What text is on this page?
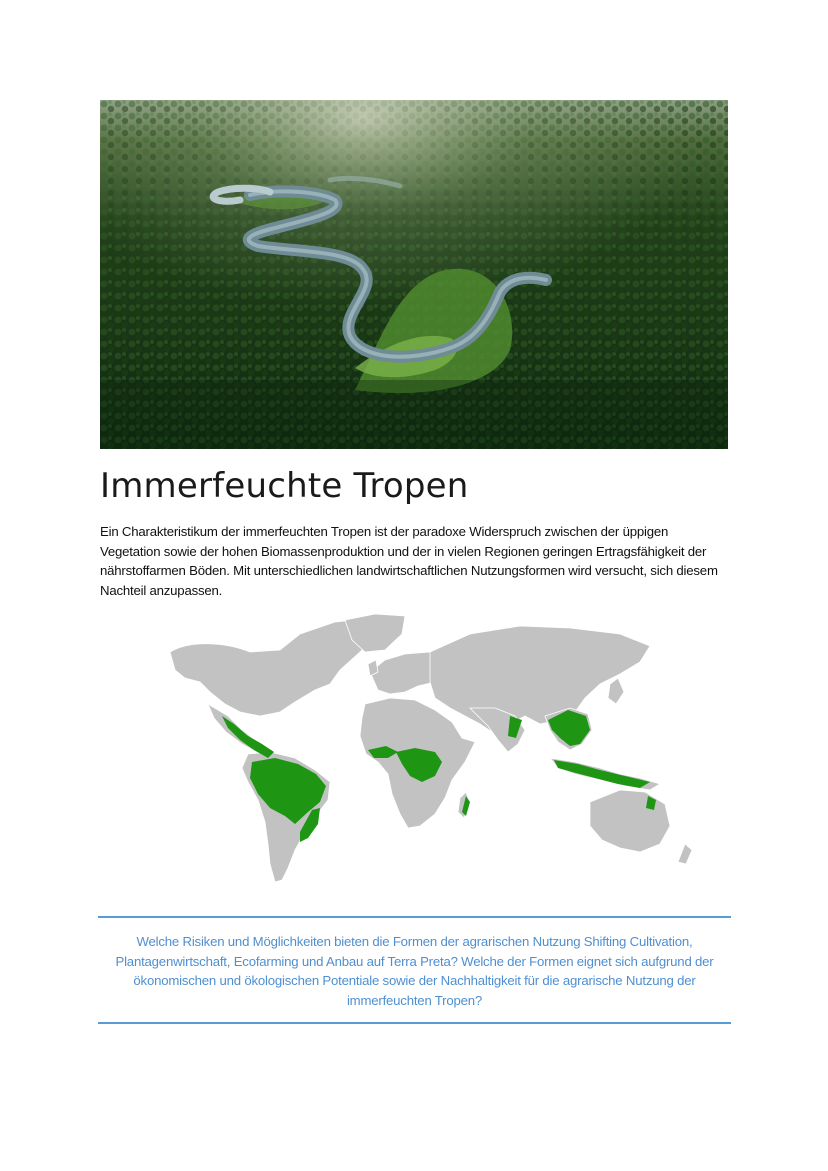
Immerfeuchte Tropen

Ein Charakteristikum der immerfeuchten Tropen ist der paradoxe Widerspruch zwischen der üppigen Vegetation sowie der hohen Biomassenproduktion und der in vielen Regionen geringen Ertragsfähigkeit der nährstoffarmen Böden. Mit unterschiedlichen landwirtschaftlichen Nutzungsformen wird versucht, sich diesem Nachteil anzupassen.

Welche Risiken und Möglichkeiten bieten die Formen der agrarischen Nutzung Shifting Cultivation, Plantagenwirtschaft, Ecofarming und Anbau auf Terra Preta? Welche der Formen eignet sich aufgrund der ökonomischen und ökologischen Potentiale sowie der Nachhaltigkeit für die agrarische Nutzung der immerfeuchten Tropen?
